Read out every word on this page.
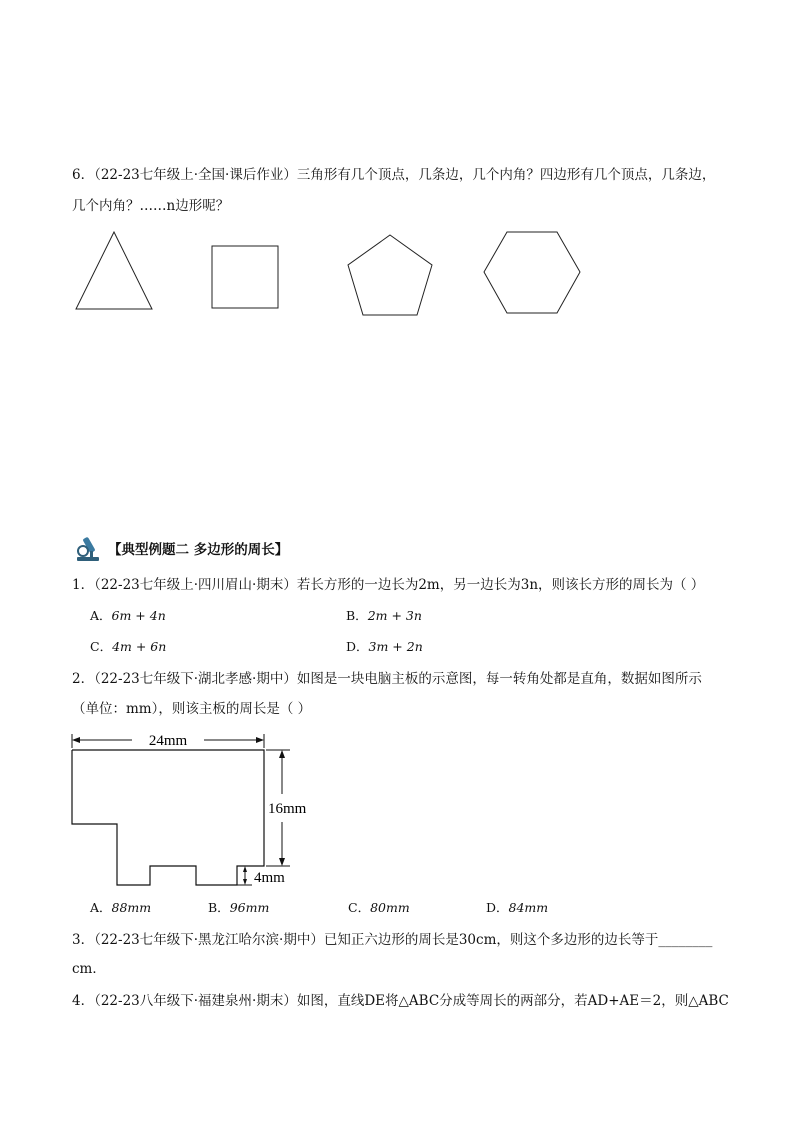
6．（22-23七年级上·全国·课后作业）三角形有几个顶点，几条边，几个内角？四边形有几个顶点，几条边，
几个内角？……n边形呢？
【典型例题二 多边形的周长】
1．（22-23七年级上·四川眉山·期末）若长方形的一边长为2m，另一边长为3n，则该长方形的周长为（ ）
A．6m + 4n	B．2m + 3n
C．4m + 6n	D．3m + 2n
2．（22-23七年级下·湖北孝感·期中）如图是一块电脑主板的示意图，每一转角处都是直角，数据如图所示
（单位：mm），则该主板的周长是（ ）
24mm
16mm
4mm
A．88mm	B．96mm	C．80mm	D．84mm
3．（22-23七年级下·黑龙江哈尔滨·期中）已知正六边形的周长是30cm，则这个多边形的边长等于________
cm．
4．（22-23八年级下·福建泉州·期末）如图，直线DE将△ABC分成等周长的两部分，若AD+AE＝2，则△ABC
